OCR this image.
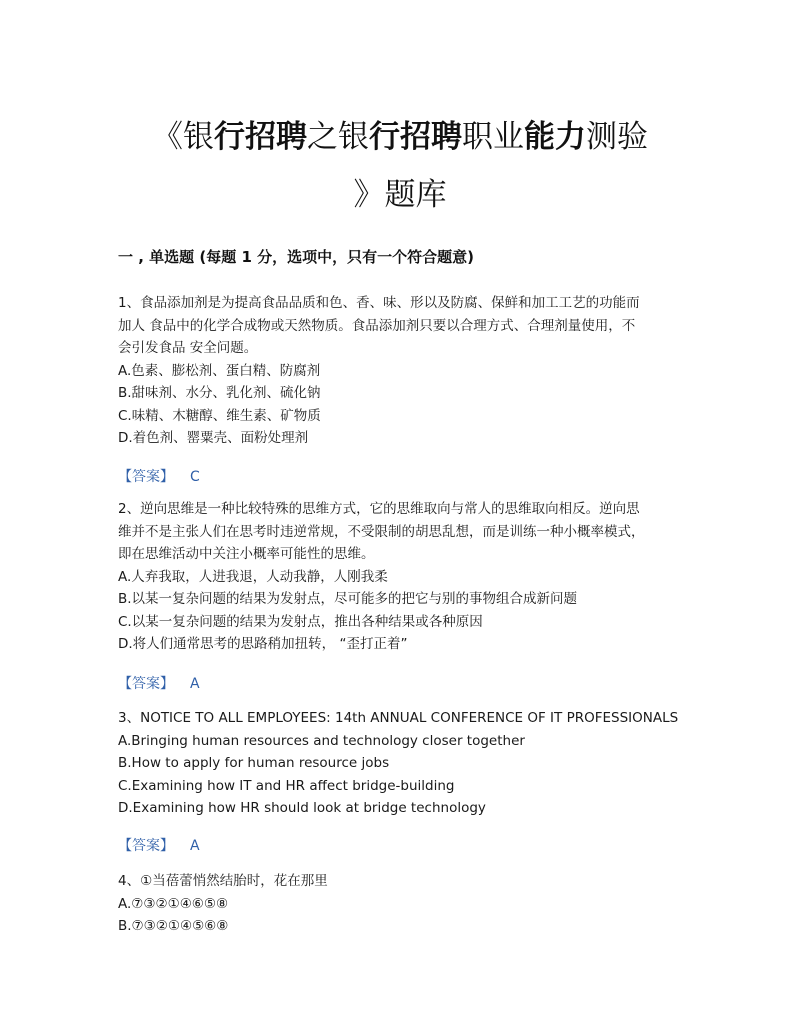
《银行招聘之银行招聘职业能力测验
》题库
一 , 单选题 (每题 1 分，选项中，只有一个符合题意)

1、食品添加剂是为提高食品品质和色、香、味、形以及防腐、保鲜和加工工艺的功能而

加人 食品中的化学合成物或天然物质。食品添加剂只要以合理方式、合理剂量使用，不

会引发食品 安全问题。

A.色素、膨松剂、蛋白精、防腐剂

B.甜味剂、水分、乳化剂、硫化钠

C.味精、木糖醇、维生素、矿物质

D.着色剂、罂粟壳、面粉处理剂

【答案】 C

2、逆向思维是一种比较特殊的思维方式，它的思维取向与常人的思维取向相反。逆向思

维并不是主张人们在思考时违逆常规，不受限制的胡思乱想，而是训练一种小概率模式，

即在思维活动中关注小概率可能性的思维。

A.人弃我取，人进我退，人动我静，人刚我柔

B.以某一复杂问题的结果为发射点，尽可能多的把它与别的事物组合成新问题

C.以某一复杂问题的结果为发射点，推出各种结果或各种原因

D.将人们通常思考的思路稍加扭转， “歪打正着”

【答案】 A

3、NOTICE TO ALL EMPLOYEES: 14th ANNUAL CONFERENCE OF IT PROFESSIONALS

A.Bringing human resources and technology closer together

B.How to apply for human resource jobs

C.Examining how IT and HR affect bridge-building

D.Examining how HR should look at bridge technology

【答案】 A

4、①当蓓蕾悄然结胎时，花在那里

A.⑦③②①④⑥⑤⑧

B.⑦③②①④⑤⑥⑧
